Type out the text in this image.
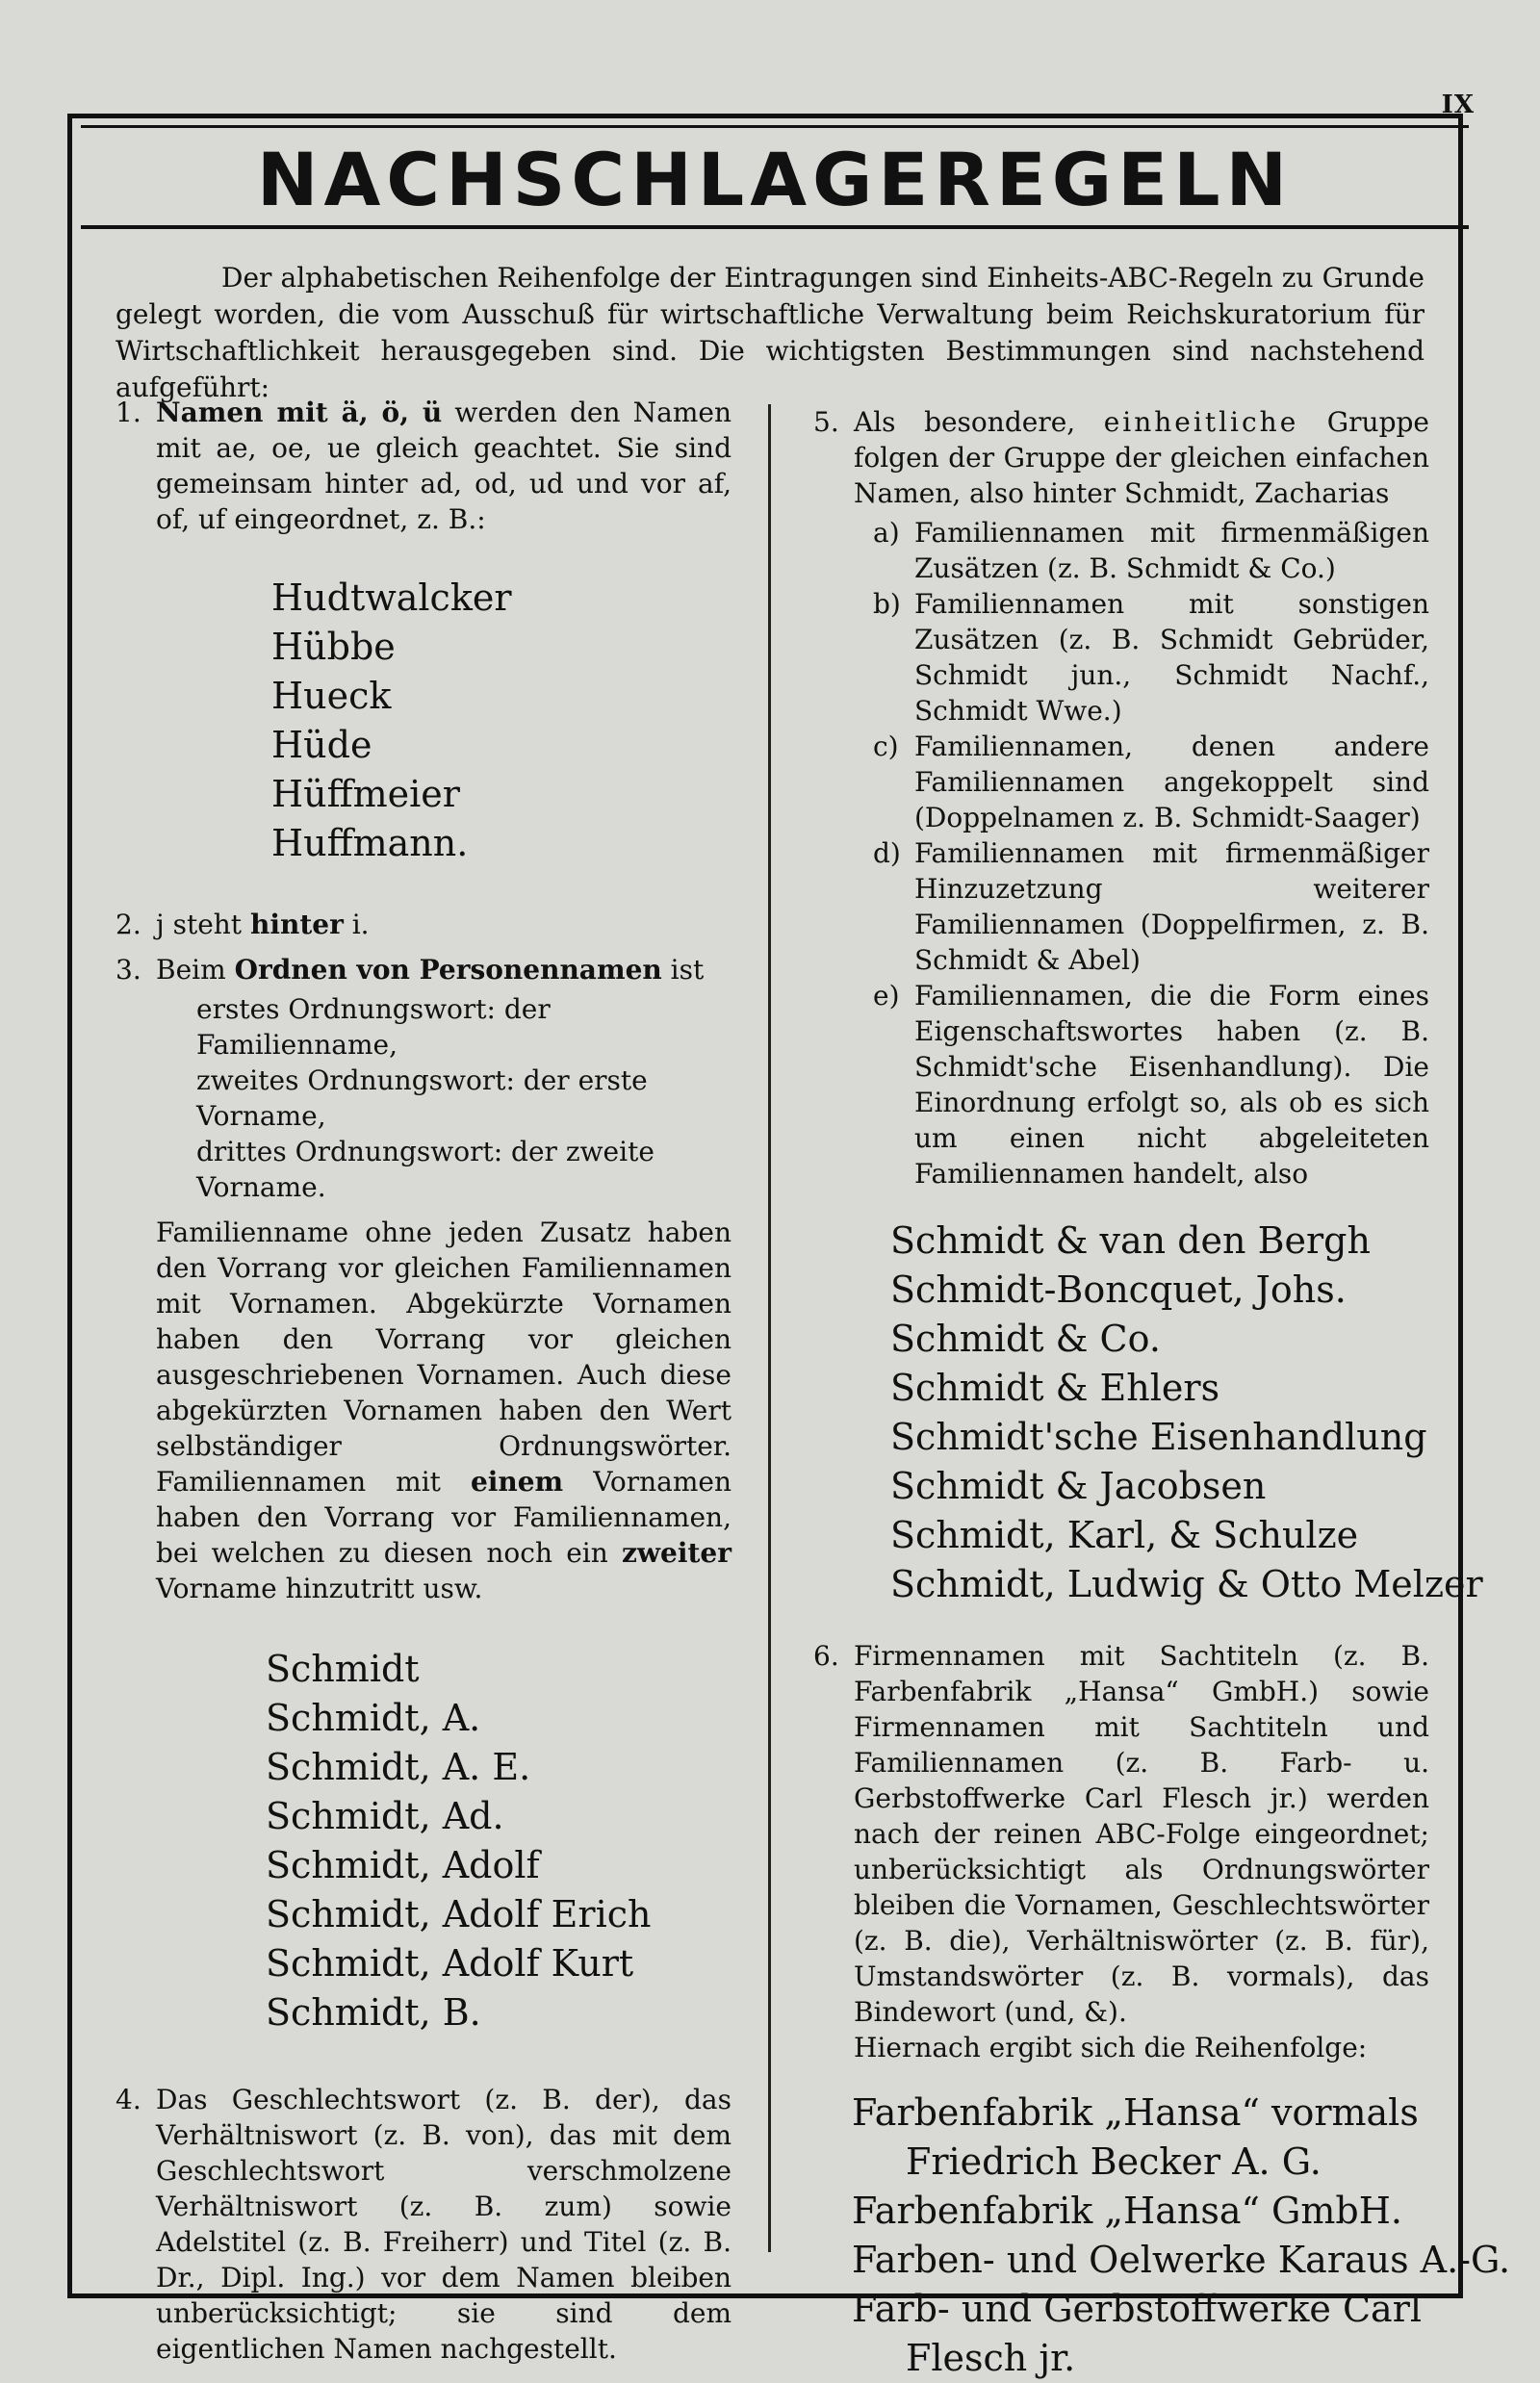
IX
NACHSCHLAGEREGELN
Der alphabetischen Reihenfolge der Eintragungen sind Einheits-ABC-Regeln zu Grunde gelegt worden, die vom Ausschuß für wirtschaftliche Verwaltung beim Reichskuratorium für Wirtschaftlichkeit herausgegeben sind. Die wichtigsten Bestimmungen sind nachstehend aufgeführt:
1. Namen mit ä, ö, ü werden den Namen mit ae, oe, ue gleich geachtet. Sie sind gemeinsam hinter ad, od, ud und vor af, of, uf eingeordnet, z. B.:
Hudtwalcker
Hübbe
Hueck
Hüde
Hüffmeier
Huffmann.
2. j steht hinter i.
3. Beim Ordnen von Personennamen ist
erstes Ordnungswort: der Familienname,
zweites Ordnungswort: der erste Vorname,
drittes Ordnungswort: der zweite Vorname.
Familienname ohne jeden Zusatz haben den Vorrang vor gleichen Familiennamen mit Vornamen. Abgekürzte Vornamen haben den Vorrang vor gleichen ausgeschriebenen Vornamen. Auch diese abgekürzten Vornamen haben den Wert selbständiger Ordnungswörter. Familiennamen mit einem Vornamen haben den Vorrang vor Familiennamen, bei welchen zu diesen noch ein zweiter Vorname hinzutritt usw.
Schmidt
Schmidt, A.
Schmidt, A. E.
Schmidt, Ad.
Schmidt, Adolf
Schmidt, Adolf Erich
Schmidt, Adolf Kurt
Schmidt, B.
4. Das Geschlechtswort (z. B. der), das Verhältniswort (z. B. von), das mit dem Geschlechtswort verschmolzene Verhältniswort (z. B. zum) sowie Adelstitel (z. B. Freiherr) und Titel (z. B. Dr., Dipl. Ing.) vor dem Namen bleiben unberücksichtigt; sie sind dem eigentlichen Namen nachgestellt.
5. Als besondere, einheitliche Gruppe folgen der Gruppe der gleichen einfachen Namen, also hinter Schmidt, Zacharias
a) Familiennamen mit firmenmäßigen Zusätzen (z. B. Schmidt & Co.)
b) Familiennamen mit sonstigen Zusätzen (z. B. Schmidt Gebrüder, Schmidt jun., Schmidt Nachf., Schmidt Wwe.)
c) Familiennamen, denen andere Familiennamen angekoppelt sind (Doppelnamen z. B. Schmidt-Saager)
d) Familiennamen mit firmenmäßiger Hinzuzetzung weiterer Familiennamen (Doppelfirmen, z. B. Schmidt & Abel)
e) Familiennamen, die die Form eines Eigenschaftswortes haben (z. B. Schmidt'sche Eisenhandlung). Die Einordnung erfolgt so, als ob es sich um einen nicht abgeleiteten Familiennamen handelt, also
Schmidt & van den Bergh
Schmidt-Boncquet, Johs.
Schmidt & Co.
Schmidt & Ehlers
Schmidt'sche Eisenhandlung
Schmidt & Jacobsen
Schmidt, Karl, & Schulze
Schmidt, Ludwig & Otto Melzer
6. Firmennamen mit Sachtiteln (z. B. Farbenfabrik „Hansa“ GmbH.) sowie Firmennamen mit Sachtiteln und Familiennamen (z. B. Farb- u. Gerbstoffwerke Carl Flesch jr.) werden nach der reinen ABC-Folge eingeordnet; unberücksichtigt als Ordnungswörter bleiben die Vornamen, Geschlechtswörter (z. B. die), Verhältniswörter (z. B. für), Umstandswörter (z. B. vormals), das Bindewort (und, &).
Hiernach ergibt sich die Reihenfolge:
Farbenfabrik „Hansa“ vormals
Friedrich Becker A. G.
Farbenfabrik „Hansa“ GmbH.
Farben- und Oelwerke Karaus A.-G.
Farb- und Gerbstoffwerke Carl
Flesch jr.
